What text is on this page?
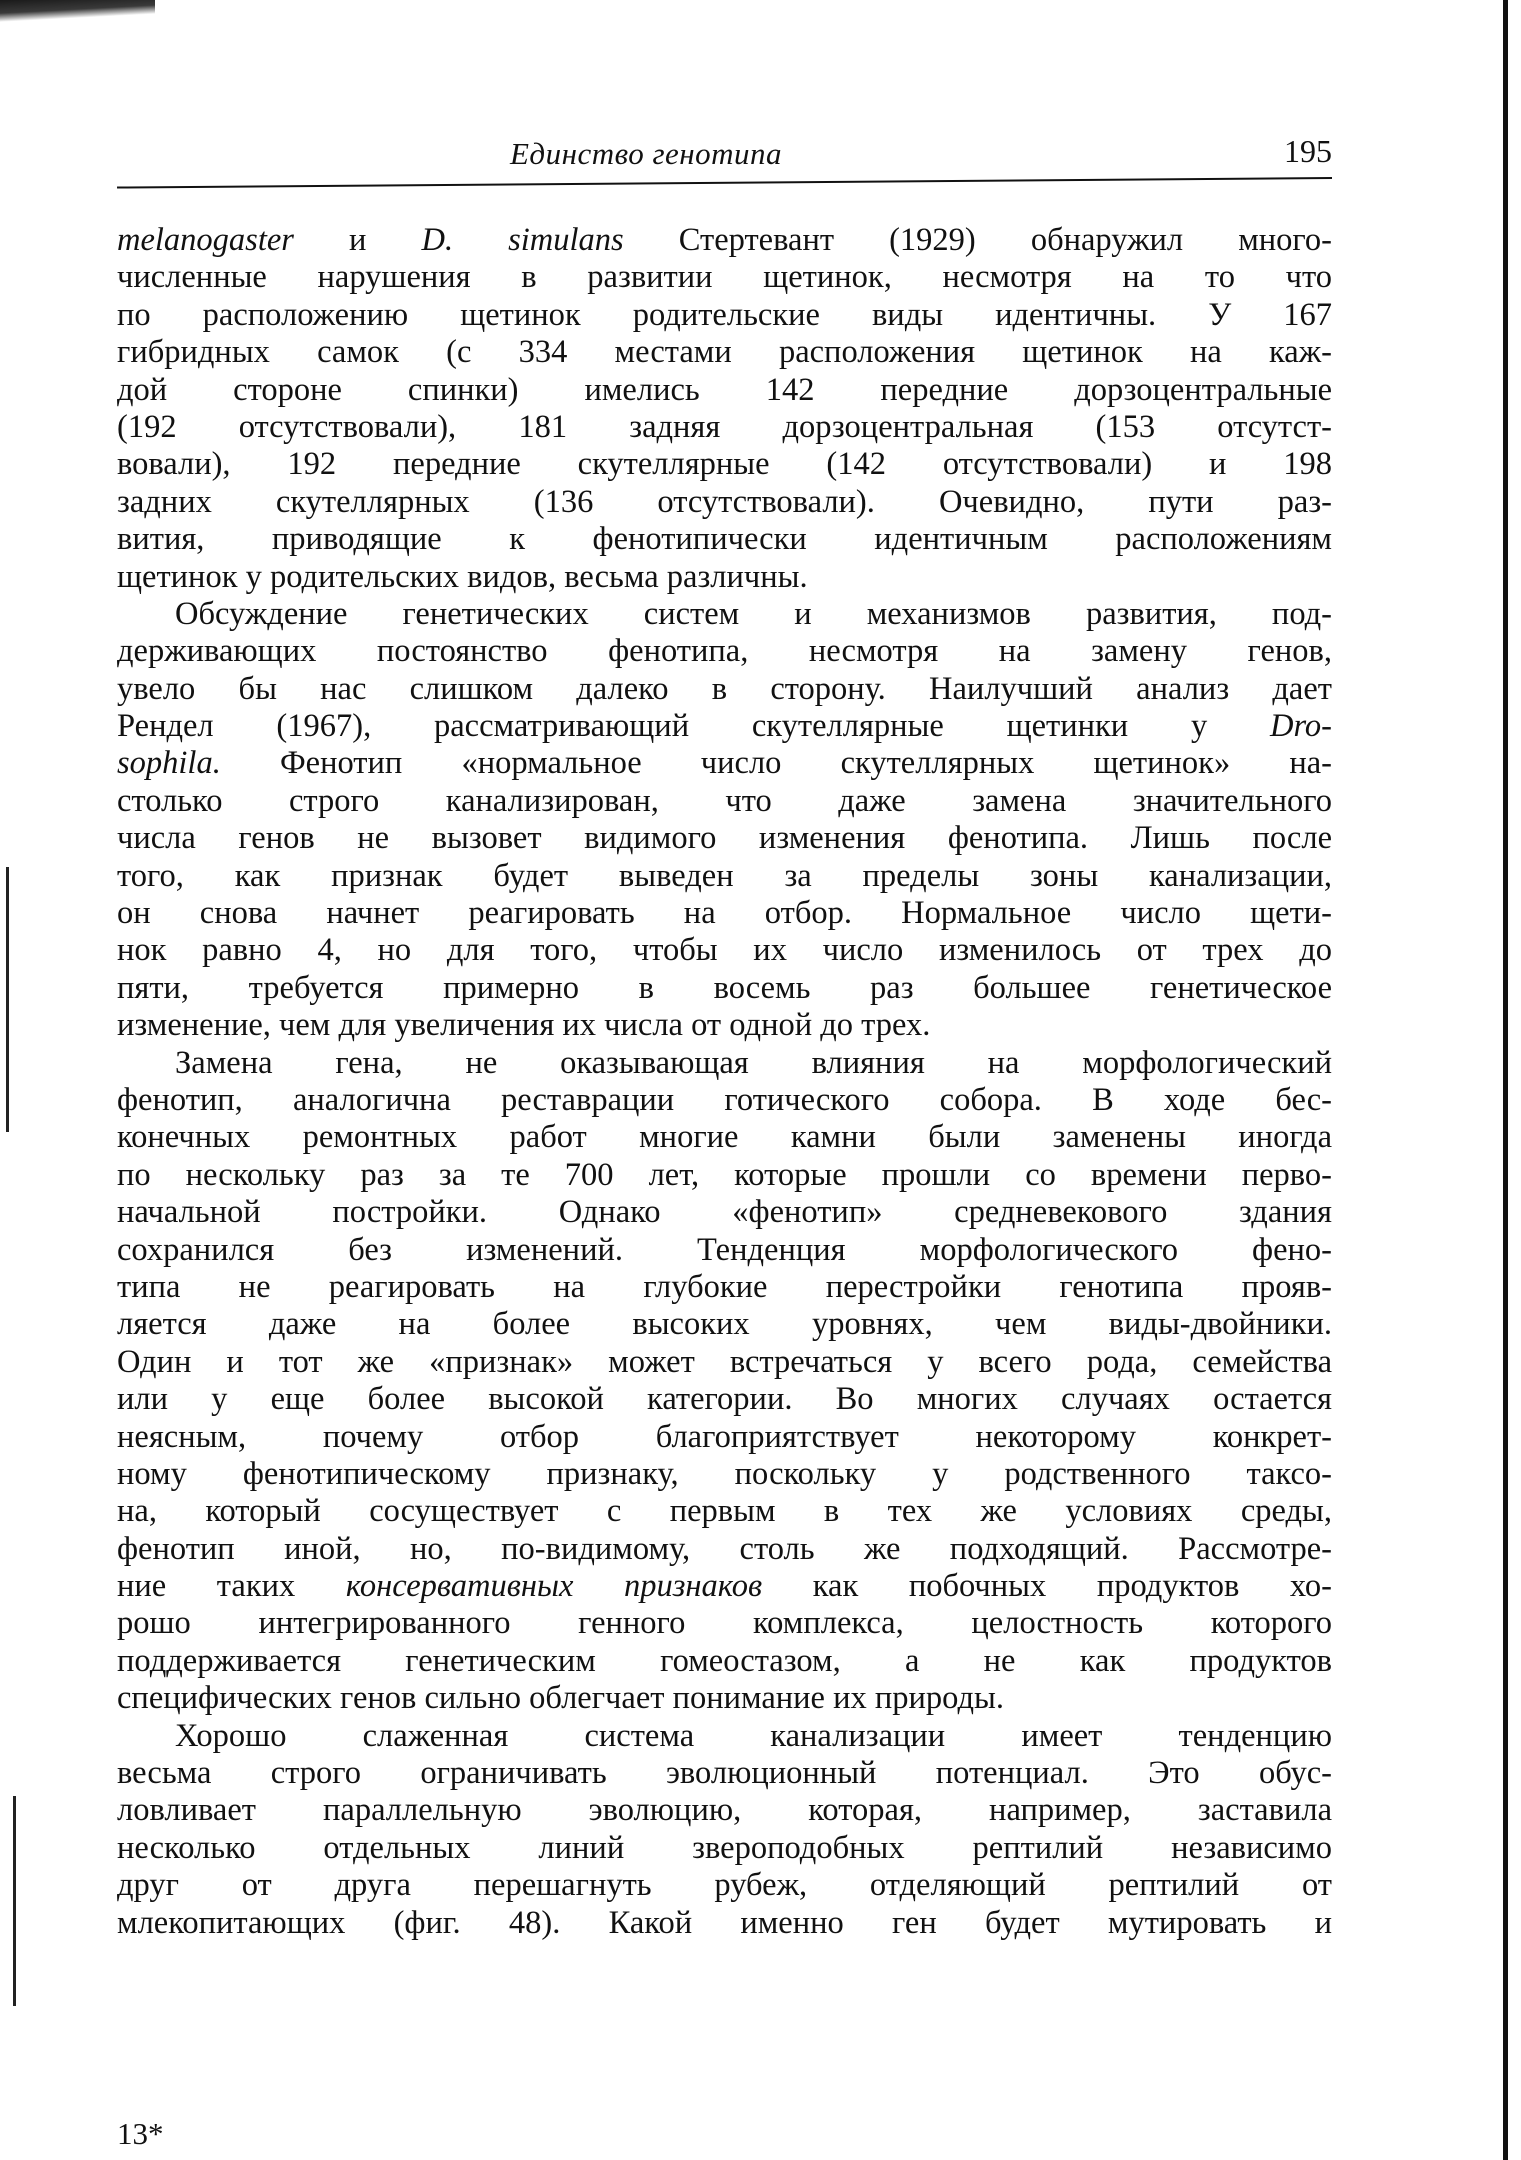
Единство генотипа	195
melanogaster и D. simulans Стертевант (1929) обнаружил много-
численные нарушения в развитии щетинок, несмотря на то что
по расположению щетинок родительские виды идентичны. У 167
гибридных самок (с 334 местами расположения щетинок на каж-
дой стороне спинки) имелись 142 передние дорзоцентральные
(192 отсутствовали), 181 задняя дорзоцентральная (153 отсутст-
вовали), 192 передние скутеллярные (142 отсутствовали) и 198
задних скутеллярных (136 отсутствовали). Очевидно, пути раз-
вития, приводящие к фенотипически идентичным расположениям
щетинок у родительских видов, весьма различны.
Обсуждение генетических систем и механизмов развития, под-
держивающих постоянство фенотипа, несмотря на замену генов,
увело бы нас слишком далеко в сторону. Наилучший анализ дает
Рендел (1967), рассматривающий скутеллярные щетинки у Dro-
sophila. Фенотип «нормальное число скутеллярных щетинок» на-
столько строго канализирован, что даже замена значительного
числа генов не вызовет видимого изменения фенотипа. Лишь после
того, как признак будет выведен за пределы зоны канализации,
он снова начнет реагировать на отбор. Нормальное число щети-
нок равно 4, но для того, чтобы их число изменилось от трех до
пяти, требуется примерно в восемь раз большее генетическое
изменение, чем для увеличения их числа от одной до трех.
Замена гена, не оказывающая влияния на морфологический
фенотип, аналогична реставрации готического собора. В ходе бес-
конечных ремонтных работ многие камни были заменены иногда
по нескольку раз за те 700 лет, которые прошли со времени перво-
начальной постройки. Однако «фенотип» средневекового здания
сохранился без изменений. Тенденция морфологического фено-
типа не реагировать на глубокие перестройки генотипа прояв-
ляется даже на более высоких уровнях, чем виды-двойники.
Один и тот же «признак» может встречаться у всего рода, семейства
или у еще более высокой категории. Во многих случаях остается
неясным, почему отбор благоприятствует некоторому конкрет-
ному фенотипическому признаку, поскольку у родственного таксо-
на, который сосуществует с первым в тех же условиях среды,
фенотип иной, но, по-видимому, столь же подходящий. Рассмотре-
ние таких консервативных признаков как побочных продуктов хо-
рошо интегрированного генного комплекса, целостность которого
поддерживается генетическим гомеостазом, а не как продуктов
специфических генов сильно облегчает понимание их природы.
Хорошо слаженная система канализации имеет тенденцию
весьма строго ограничивать эволюционный потенциал. Это обус-
ловливает параллельную эволюцию, которая, например, заставила
несколько отдельных линий звероподобных рептилий независимо
друг от друга перешагнуть рубеж, отделяющий рептилий от
млекопитающих (фиг. 48). Какой именно ген будет мутировать и
13*
